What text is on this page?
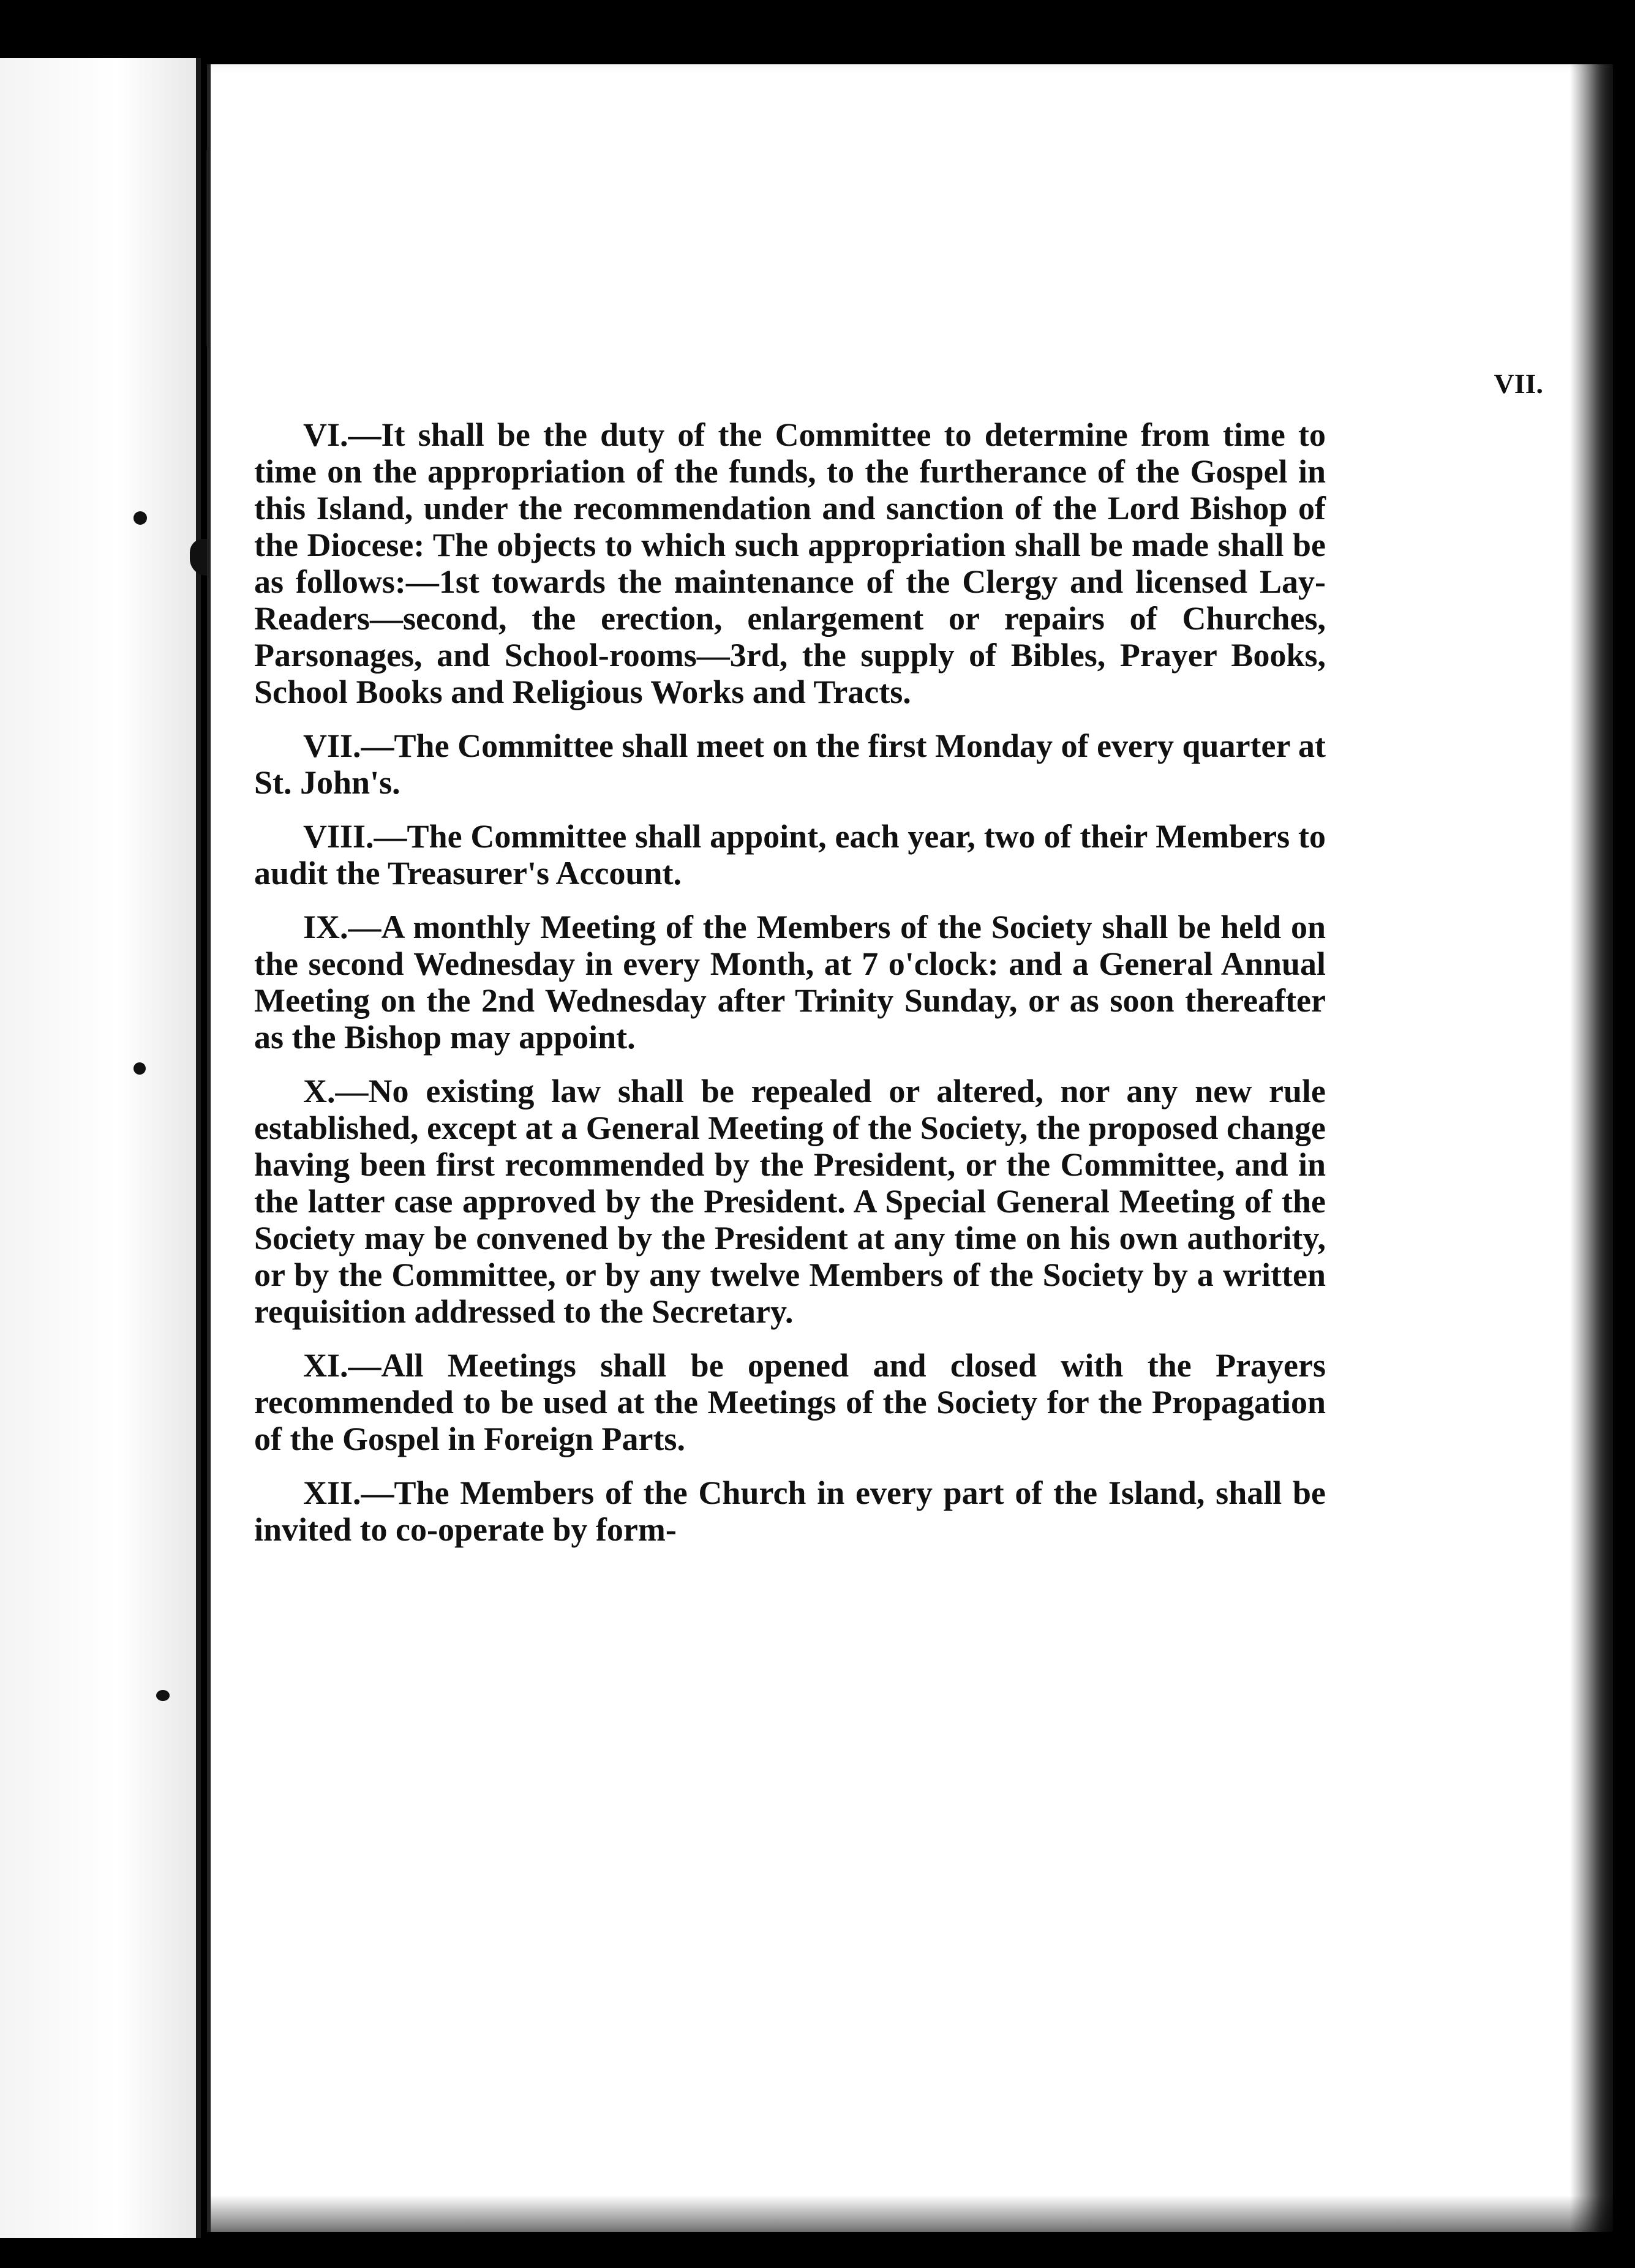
VII.

VI.—It shall be the duty of the Committee to determine from time to time on the appropriation of the funds, to the furtherance of the Gospel in this Island, under the recommendation and sanction of the Lord Bishop of the Diocese: The objects to which such appropriation shall be made shall be as follows:—1st towards the maintenance of the Clergy and licensed Lay-Readers—second, the erection, enlargement or repairs of Churches, Parsonages, and School-rooms—3rd, the supply of Bibles, Prayer Books, School Books and Religious Works and Tracts.

VII.—The Committee shall meet on the first Monday of every quarter at St. John's.

VIII.—The Committee shall appoint, each year, two of their Members to audit the Treasurer's Account.

IX.—A monthly Meeting of the Members of the Society shall be held on the second Wednesday in every Month, at 7 o'clock: and a General Annual Meeting on the 2nd Wednesday after Trinity Sunday, or as soon thereafter as the Bishop may appoint.

X.—No existing law shall be repealed or altered, nor any new rule established, except at a General Meeting of the Society, the proposed change having been first recommended by the President, or the Committee, and in the latter case approved by the President. A Special General Meeting of the Society may be convened by the President at any time on his own authority, or by the Committee, or by any twelve Members of the Society by a written requisition addressed to the Secretary.

XI.—All Meetings shall be opened and closed with the Prayers recommended to be used at the Meetings of the Society for the Propagation of the Gospel in Foreign Parts.

XII.—The Members of the Church in every part of the Island, shall be invited to co-operate by form-
